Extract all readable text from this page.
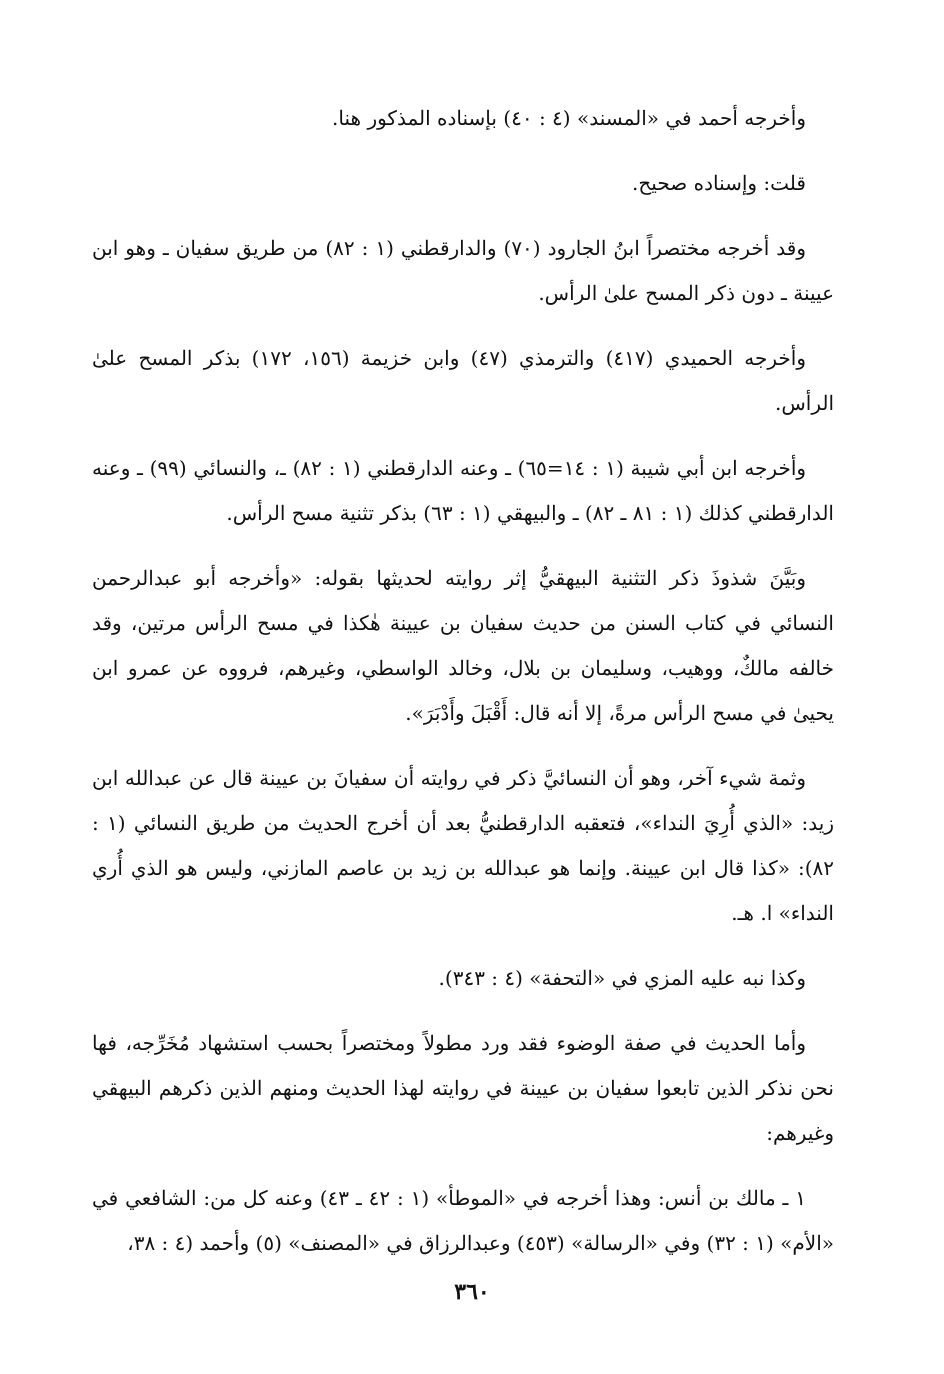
وأخرجه أحمد في «المسند» (٤ : ٤٠) بإسناده المذكور هنا.

قلت: وإسناده صحيح.

وقد أخرجه مختصراً ابنُ الجارود (٧٠) والدارقطني (١ : ٨٢) من طريق سفيان ـ وهو ابن عيينة ـ دون ذكر المسح علىٰ الرأس.

وأخرجه الحميدي (٤١٧) والترمذي (٤٧) وابن خزيمة (١٥٦، ١٧٢) بذكر المسح علىٰ الرأس.

وأخرجه ابن أبي شيبة (١ : ١٤=٦٥) ـ وعنه الدارقطني (١ : ٨٢) ـ، والنسائي (٩٩) ـ وعنه الدارقطني كذلك (١ : ٨١ ـ ٨٢) ـ والبيهقي (١ : ٦٣) بذكر تثنية مسح الرأس.

وبَيَّنَ شذوذَ ذكر التثنية البيهقيُّ إثر روايته لحديثها بقوله: «وأخرجه أبو عبدالرحمن النسائي في كتاب السنن من حديث سفيان بن عيينة هٰكذا في مسح الرأس مرتين، وقد خالفه مالكٌ، ووهيب، وسليمان بن بلال، وخالد الواسطي، وغيرهم، فرووه عن عمرو ابن يحيىٰ في مسح الرأس مرةً، إلا أنه قال: أَقْبَلَ وأَدْبَرَ».

وثمة شيء آخر، وهو أن النسائيَّ ذكر في روايته أن سفيانَ بن عيينة قال عن عبدالله ابن زيد: «الذي أُرِيَ النداء»، فتعقبه الدارقطنيُّ بعد أن أخرج الحديث من طريق النسائي (١ : ٨٢): «كذا قال ابن عيينة. وإنما هو عبدالله بن زيد بن عاصم المازني، وليس هو الذي أُري النداء» ا. هـ.

وكذا نبه عليه المزي في «التحفة» (٤ : ٣٤٣).

وأما الحديث في صفة الوضوء فقد ورد مطولاً ومختصراً بحسب استشهاد مُخَرِّجه، فها نحن نذكر الذين تابعوا سفيان بن عيينة في روايته لهذا الحديث ومنهم الذين ذكرهم البيهقي وغيرهم:

١ ـ مالك بن أنس: وهذا أخرجه في «الموطأ» (١ : ٤٢ ـ ٤٣) وعنه كل من: الشافعي في «الأم» (١ : ٣٢) وفي «الرسالة» (٤٥٣) وعبدالرزاق في «المصنف» (٥) وأحمد (٤ : ٣٨،

٣٦٠
